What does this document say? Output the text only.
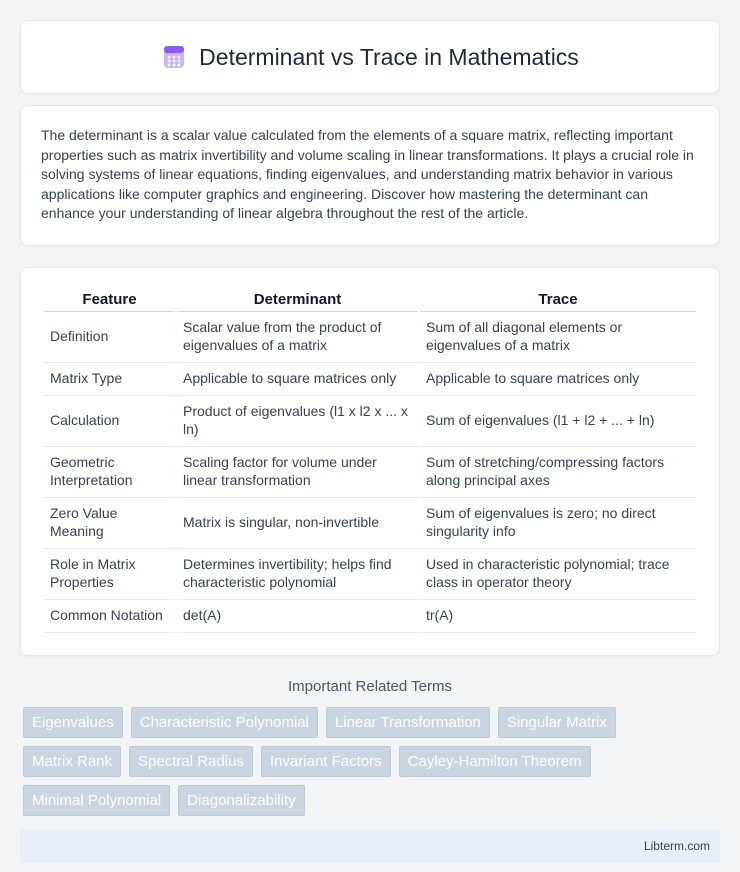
Determinant vs Trace in Mathematics

The determinant is a scalar value calculated from the elements of a square matrix, reflecting important properties such as matrix invertibility and volume scaling in linear transformations. It plays a crucial role in solving systems of linear equations, finding eigenvalues, and understanding matrix behavior in various applications like computer graphics and engineering. Discover how mastering the determinant can enhance your understanding of linear algebra throughout the rest of the article.

Feature	Determinant	Trace
Definition	Scalar value from the product of eigenvalues of a matrix	Sum of all diagonal elements or eigenvalues of a matrix
Matrix Type	Applicable to square matrices only	Applicable to square matrices only
Calculation	Product of eigenvalues (l1 x l2 x ... x ln)	Sum of eigenvalues (l1 + l2 + ... + ln)
Geometric Interpretation	Scaling factor for volume under linear transformation	Sum of stretching/compressing factors along principal axes
Zero Value Meaning	Matrix is singular, non-invertible	Sum of eigenvalues is zero; no direct singularity info
Role in Matrix Properties	Determines invertibility; helps find characteristic polynomial	Used in characteristic polynomial; trace class in operator theory
Common Notation	det(A)	tr(A)
Important Related Terms
Eigenvalues	Characteristic Polynomial	Linear Transformation	Singular Matrix
Matrix Rank	Spectral Radius	Invariant Factors	Cayley-Hamilton Theorem
Minimal Polynomial	Diagonalizability
Libterm.com
